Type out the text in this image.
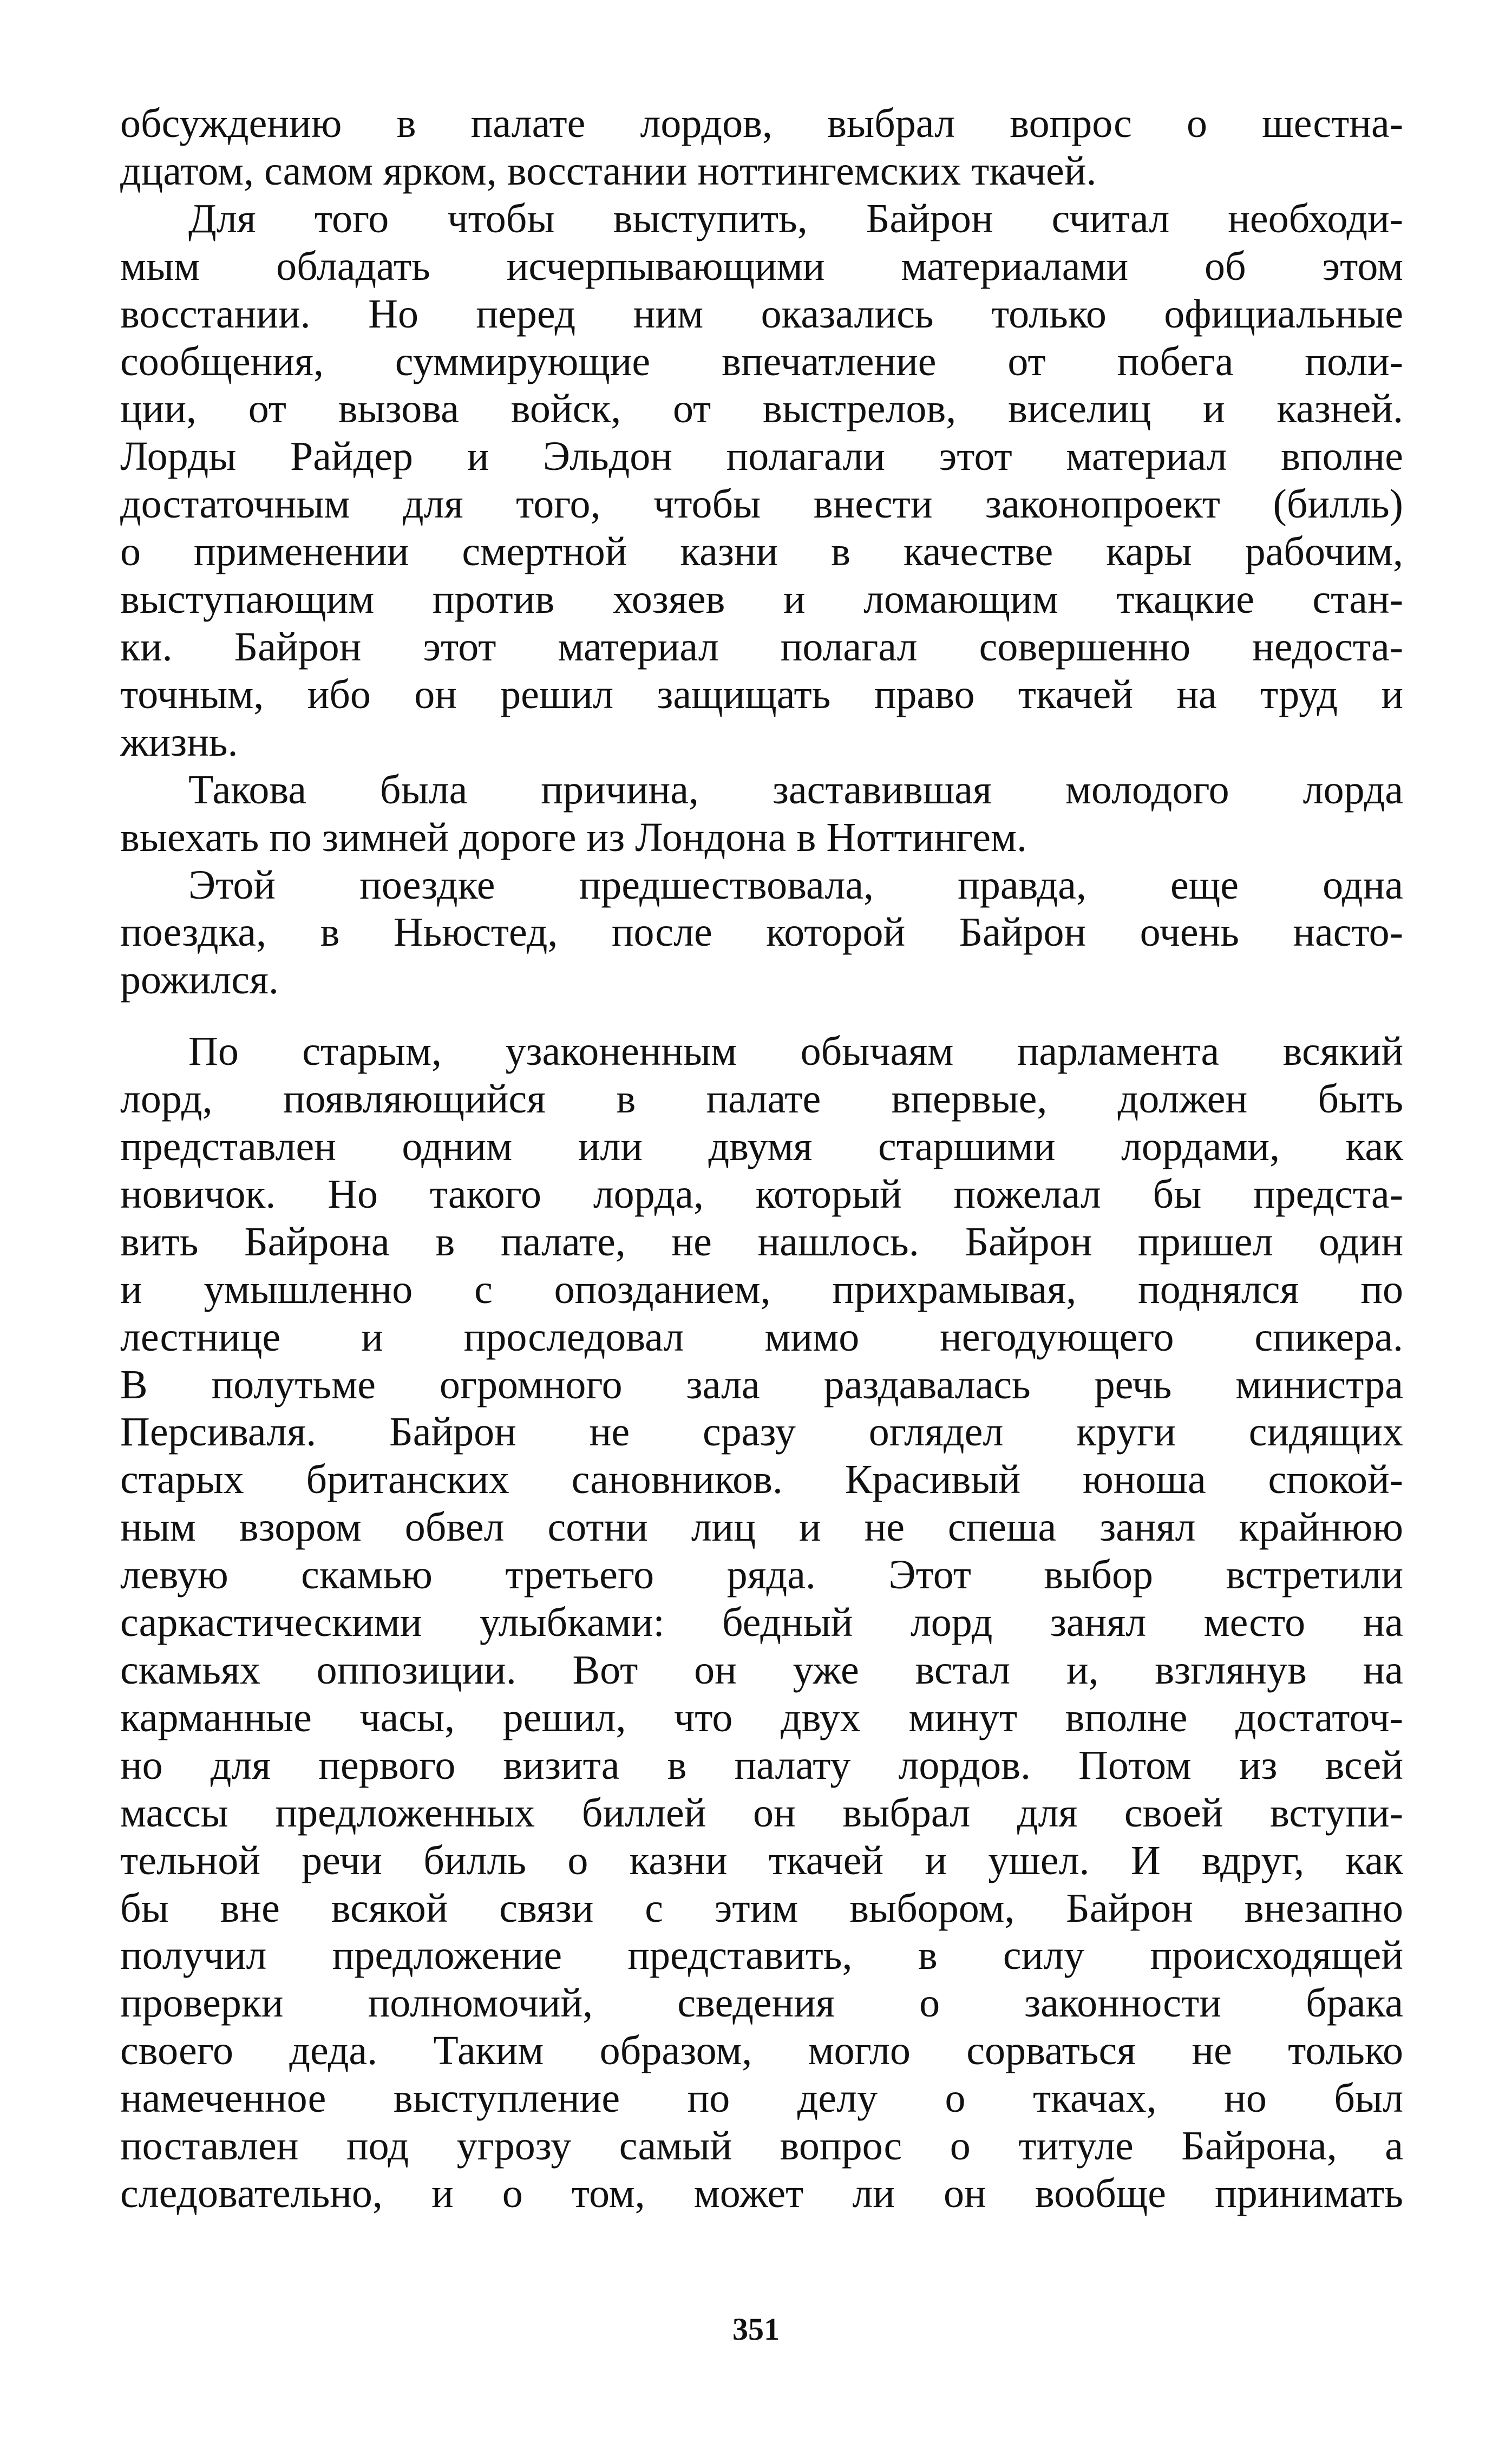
обсуждению в палате лордов, выбрал вопрос о шестна-
дцатом, самом ярком, восстании ноттингемских ткачей.

Для того чтобы выступить, Байрон считал необходи-
мым обладать исчерпывающими материалами об этом
восстании. Но перед ним оказались только официальные
сообщения, суммирующие впечатление от побега поли-
ции, от вызова войск, от выстрелов, виселиц и казней.
Лорды Райдер и Эльдон полагали этот материал вполне
достаточным для того, чтобы внести законопроект (билль)
о применении смертной казни в качестве кары рабочим,
выступающим против хозяев и ломающим ткацкие стан-
ки. Байрон этот материал полагал совершенно недоста-
точным, ибо он решил защищать право ткачей на труд и
жизнь.

Такова была причина, заставившая молодого лорда
выехать по зимней дороге из Лондона в Ноттингем.

Этой поездке предшествовала, правда, еще одна
поездка, в Ньюстед, после которой Байрон очень насто-
рожился.

По старым, узаконенным обычаям парламента всякий
лорд, появляющийся в палате впервые, должен быть
представлен одним или двумя старшими лордами, как
новичок. Но такого лорда, который пожелал бы предста-
вить Байрона в палате, не нашлось. Байрон пришел один
и умышленно с опозданием, прихрамывая, поднялся по
лестнице и проследовал мимо негодующего спикера.
В полутьме огромного зала раздавалась речь министра
Персиваля. Байрон не сразу оглядел круги сидящих
старых британских сановников. Красивый юноша спокой-
ным взором обвел сотни лиц и не спеша занял крайнюю
левую скамью третьего ряда. Этот выбор встретили
саркастическими улыбками: бедный лорд занял место на
скамьях оппозиции. Вот он уже встал и, взглянув на
карманные часы, решил, что двух минут вполне достаточ-
но для первого визита в палату лордов. Потом из всей
массы предложенных биллей он выбрал для своей вступи-
тельной речи билль о казни ткачей и ушел. И вдруг, как
бы вне всякой связи с этим выбором, Байрон внезапно
получил предложение представить, в силу происходящей
проверки полномочий, сведения о законности брака
своего деда. Таким образом, могло сорваться не только
намеченное выступление по делу о ткачах, но был
поставлен под угрозу самый вопрос о титуле Байрона, а
следовательно, и о том, может ли он вообще принимать

351
